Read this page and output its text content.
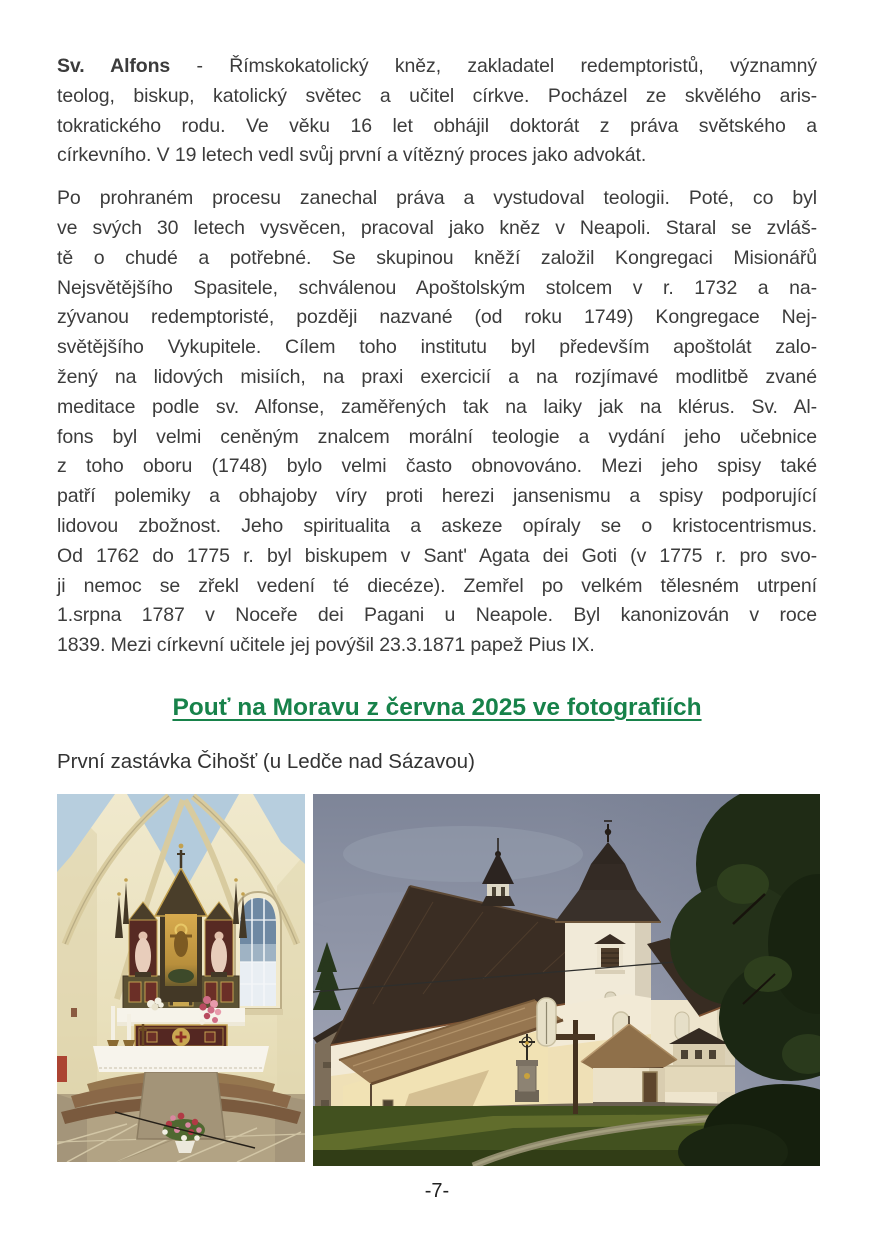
Sv. Alfons - Římskokatolický kněz, zakladatel redemptoristů, významný
teolog, biskup, katolický světec a učitel církve. Pocházel ze skvělého aris-
tokratického rodu. Ve věku 16 let obhájil doktorát z práva světského a
církevního. V 19 letech vedl svůj první a vítězný proces jako advokát.
Po prohraném procesu zanechal práva a vystudoval teologii. Poté, co byl
ve svých 30 letech vysvěcen, pracoval jako kněz v Neapoli. Staral se zvláš-
tě o chudé a potřebné. Se skupinou kněží založil Kongregaci Misionářů
Nejsvětějšího Spasitele, schválenou Apoštolským stolcem v r. 1732 a na-
zývanou redemptoristé, později nazvané (od roku 1749) Kongregace Nej-
světějšího Vykupitele. Cílem toho institutu byl především apoštolát zalo-
žený na lidových misiích, na praxi exercicií a na rozjímavé modlitbě zvané
meditace podle sv. Alfonse, zaměřených tak na laiky jak na klérus. Sv. Al-
fons byl velmi ceněným znalcem morální teologie a vydání jeho učebnice
z toho oboru (1748) bylo velmi často obnovováno. Mezi jeho spisy také
patří polemiky a obhajoby víry proti herezi jansenismu a spisy podporující
lidovou zbožnost. Jeho spiritualita a askeze opíraly se o kristocentrismus.
Od 1762 do 1775 r. byl biskupem v Sant' Agata dei Goti (v 1775 r. pro svo-
ji nemoc se zřekl vedení té diecéze). Zemřel po velkém tělesném utrpení
1.srpna 1787 v Noceře dei Pagani u Neapole. Byl kanonizován v roce
1839. Mezi církevní učitele jej povýšil 23.3.1871 papež Pius IX.
Pouť na Moravu z června 2025 ve fotografiích
První zastávka Čihošť (u Ledče nad Sázavou)
-7-
